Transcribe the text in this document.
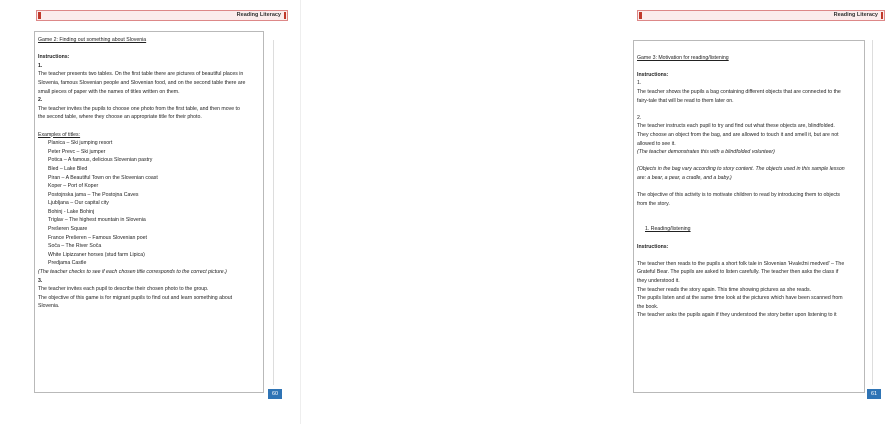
Reading Literacy
Game 2: Finding out something about Slovenia
Instructions:
1.
The teacher presents two tables. On the first table there are pictures of beautiful places in
Slovenia, famous Slovenian people and Slovenian food, and on the second table there are
small pieces of paper with the names of titles written on them.
2.
The teacher invites the pupils to choose one photo from the first table, and then move to
the second table, where they choose an appropriate title for their photo.
Examples of titles:
Planica – Ski jumping resort
Peter Prevc – Ski jumper
Potica – A famous, delicious Slovenian pastry
Bled – Lake Bled
Piran – A Beautiful Town on the Slovenian coast
Koper – Port of Koper
Postojnska jama – The Postojna Caves
Ljubljana – Our capital city
Bohinj - Lake Bohinj
Triglav – The highest mountain in Slovenia
Prešeren Square
France Prešeren – Famous Slovenian poet
Soča – The River Soča
White Lipizzaner horses (stud farm Lipica)
Predjama Castle
(The teacher checks to see if each chosen title corresponds to the correct picture.)
3.
The teacher invites each pupil to describe their chosen photo to the group.
The objective of this game is for migrant pupils to find out and learn something about
Slovenia.
60
Reading Literacy
Game 3: Motivation for reading/listening
Instructions:
1.
The teacher shows the pupils a bag containing different objects that are connected to the
fairy-tale that will be read to them later on.
2.
The teacher instructs each pupil to try and find out what these objects are, blindfolded.
They choose an object from the bag, and are allowed to touch it and smell it, but are not
allowed to see it.
(The teacher demonstrates this with a blindfolded volunteer)
(Objects in the bag vary according to story content. The objects used in this sample lesson
are: a bear, a pear, a cradle, and a baby.)
The objective of this activity is to motivate children to read by introducing them to objects
from the story.
1. Reading/listening
Instructions:
The teacher then reads to the pupils a short folk tale in Slovenian 'Hvaležni medved' – The
Grateful Bear. The pupils are asked to listen carefully. The teacher then asks the class if
they understood it.
The teacher reads the story again. This time showing pictures as she reads.
The pupils listen and at the same time look at the pictures which have been scanned from
the book.
The teacher asks the pupils again if they understood the story better upon listening to it
61
